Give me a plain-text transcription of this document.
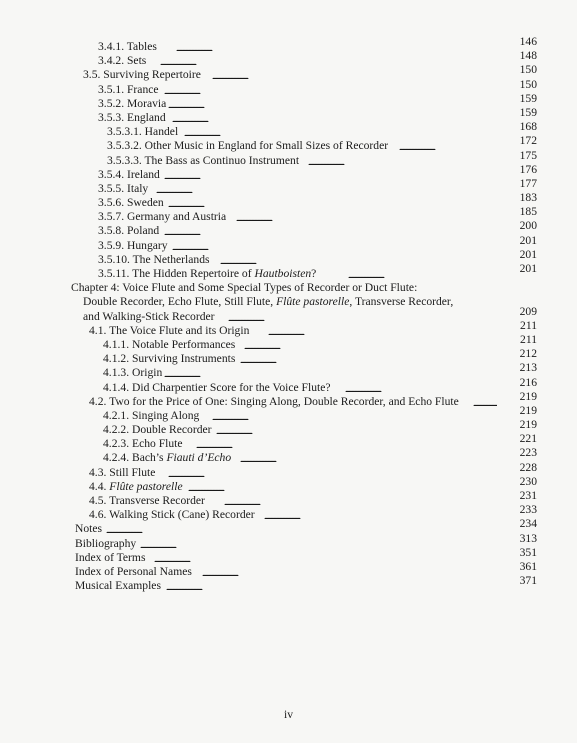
3.4.1. Tables . . .	146
3.4.2. Sets . . .	148
3.5. Surviving Repertoire . . .	150
3.5.1. France . . .	150
3.5.2. Moravia . . .	159
3.5.3. England . . .	159
3.5.3.1. Handel . . .	168
3.5.3.2. Other Music in England for Small Sizes of Recorder . . .	172
3.5.3.3. The Bass as Continuo Instrument . . .	175
3.5.4. Ireland . . .	176
3.5.5. Italy . . .	177
3.5.6. Sweden . . .	183
3.5.7. Germany and Austria . . .	185
3.5.8. Poland . . .	200
3.5.9. Hungary . . .	201
3.5.10. The Netherlands . . .	201
3.5.11. The Hidden Repertoire of Hautboisten? . . .	201
Chapter 4: Voice Flute and Some Special Types of Recorder or Duct Flute:
Double Recorder, Echo Flute, Still Flute, Flûte pastorelle, Transverse Recorder,
and Walking-Stick Recorder . . .	209
4.1. The Voice Flute and its Origin . . .	211
4.1.1. Notable Performances . . .	211
4.1.2. Surviving Instruments . . .	212
4.1.3. Origin . . .	213
4.1.4. Did Charpentier Score for the Voice Flute? . . .	216
4.2. Two for the Price of One: Singing Along, Double Recorder, and Echo Flute . . .	219
4.2.1. Singing Along . . .	219
4.2.2. Double Recorder . . .	219
4.2.3. Echo Flute . . .	221
4.2.4. Bach’s Fiauti d’Echo . . .	223
4.3. Still Flute . . .	228
4.4. Flûte pastorelle . . .	230
4.5. Transverse Recorder . . .	231
4.6. Walking Stick (Cane) Recorder . . .	233
Notes . . .	234
Bibliography . . .	313
Index of Terms . . .	351
Index of Personal Names . . .	361
Musical Examples . . .	371
iv
